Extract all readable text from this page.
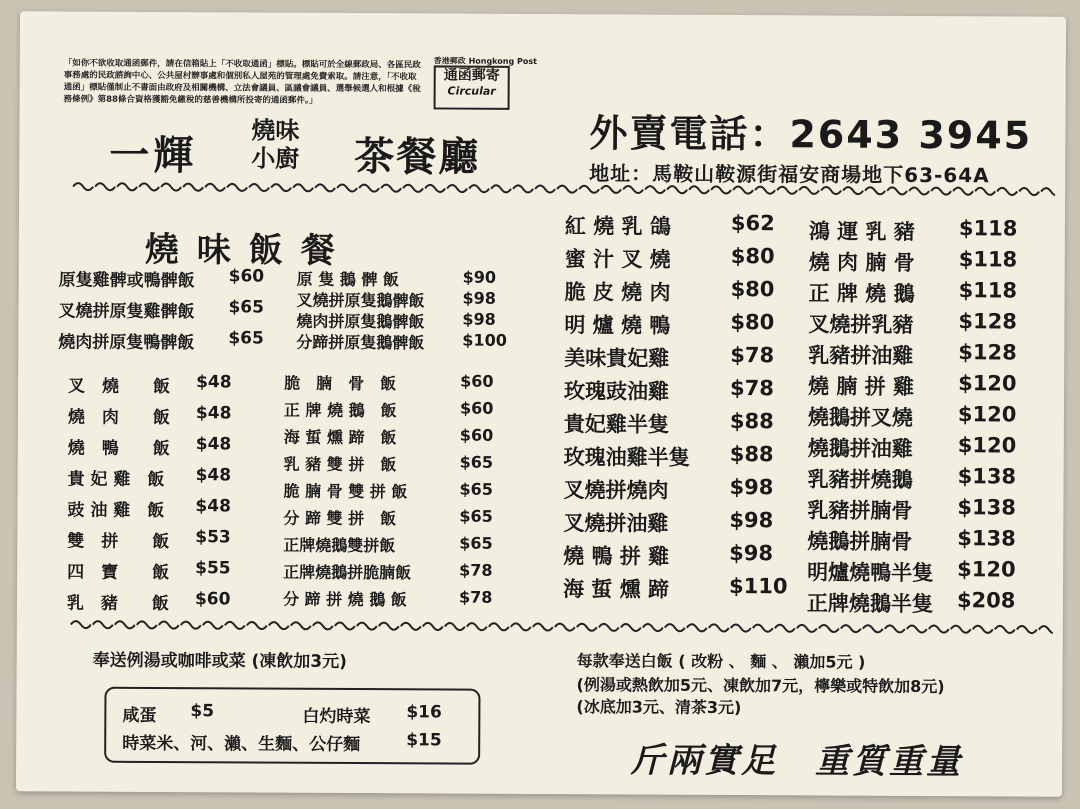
「如你不欲收取通函郵件，請在信箱貼上「不收取通函」標貼。標貼可於全線郵政局、各區民政事務處的民政諮詢中心、公共屋村辦事處和個別私人屋苑的管理處免費索取。請注意，「不收取通函」標貼僅制止不書面由政府及相關機構、立法會議員、區議會議員、選舉候選人和根據《稅務條例》第88條合資格獲豁免繳稅的慈善機構所投寄的通函郵件。」
香港郵政 Hongkong Post
通函郵寄
Circular
一輝
燒味
小廚 茶餐廳	外賣電話：2643 3945
地址：馬鞍山鞍源街福安商場地下63-64A
燒味飯餐
原隻雞髀或鴨髀飯 $60
叉燒拼原隻雞髀飯 $65
燒肉拼原隻鴨髀飯 $65
原 隻 鵝 髀 飯	$90
叉燒拼原隻鵝髀飯 $98
燒肉拼原隻鵝髀飯 $98
分蹄拼原隻鵝髀飯 $100
叉　燒　　飯 $48
燒　肉　　飯 $48
燒　鴨　　飯 $48
貴 妃 雞　飯 $48
豉 油 雞　飯 $48
雙　拼　　飯 $53
四　寶　　飯 $55
乳　豬　　飯 $60
脆　腩　骨　飯	$60
正 牌 燒 鵝　飯	$60
海 蜇 燻 蹄　飯	$60
乳 豬 雙 拼　飯	$65
脆 腩 骨 雙 拼 飯	$65
分 蹄 雙 拼　飯	$65
正牌燒鵝雙拼飯	$65
正牌燒鵝拼脆腩飯	$78
分 蹄 拼 燒 鵝 飯	$78
紅 燒 乳 鴿	$62
蜜 汁 叉 燒	$80
脆 皮 燒 肉	$80
明 爐 燒 鴨	$80
美味貴妃雞	$78
玫瑰豉油雞	$78
貴妃雞半隻	$88
玫瑰油雞半隻 $88
叉燒拼燒肉	$98
叉燒拼油雞	$98
燒 鴨 拼 雞	$98
海 蜇 燻 蹄	$110
鴻 運 乳 豬 $118
燒 肉 腩 骨 $118
正 牌 燒 鵝 $118
叉燒拼乳豬 $128
乳豬拼油雞 $128
燒 腩 拼 雞 $120
燒鵝拼叉燒 $120
燒鵝拼油雞 $120
乳豬拼燒鵝 $138
乳豬拼腩骨 $138
燒鵝拼腩骨 $138
明爐燒鴨半隻 $120
正牌燒鵝半隻 $208
奉送例湯或咖啡或菜 (凍飲加3元)
咸蛋 $5	白灼時菜 $16
時菜米、河、瀨、生麵、公仔麵	$15
每款奉送白飯 ( 改粉 、 麵 、 瀨加5元 )
(例湯或熱飲加5元、凍飲加7元，檸樂或特飲加8元)
(冰底加3元、清茶3元)
斤兩實足　重質重量
